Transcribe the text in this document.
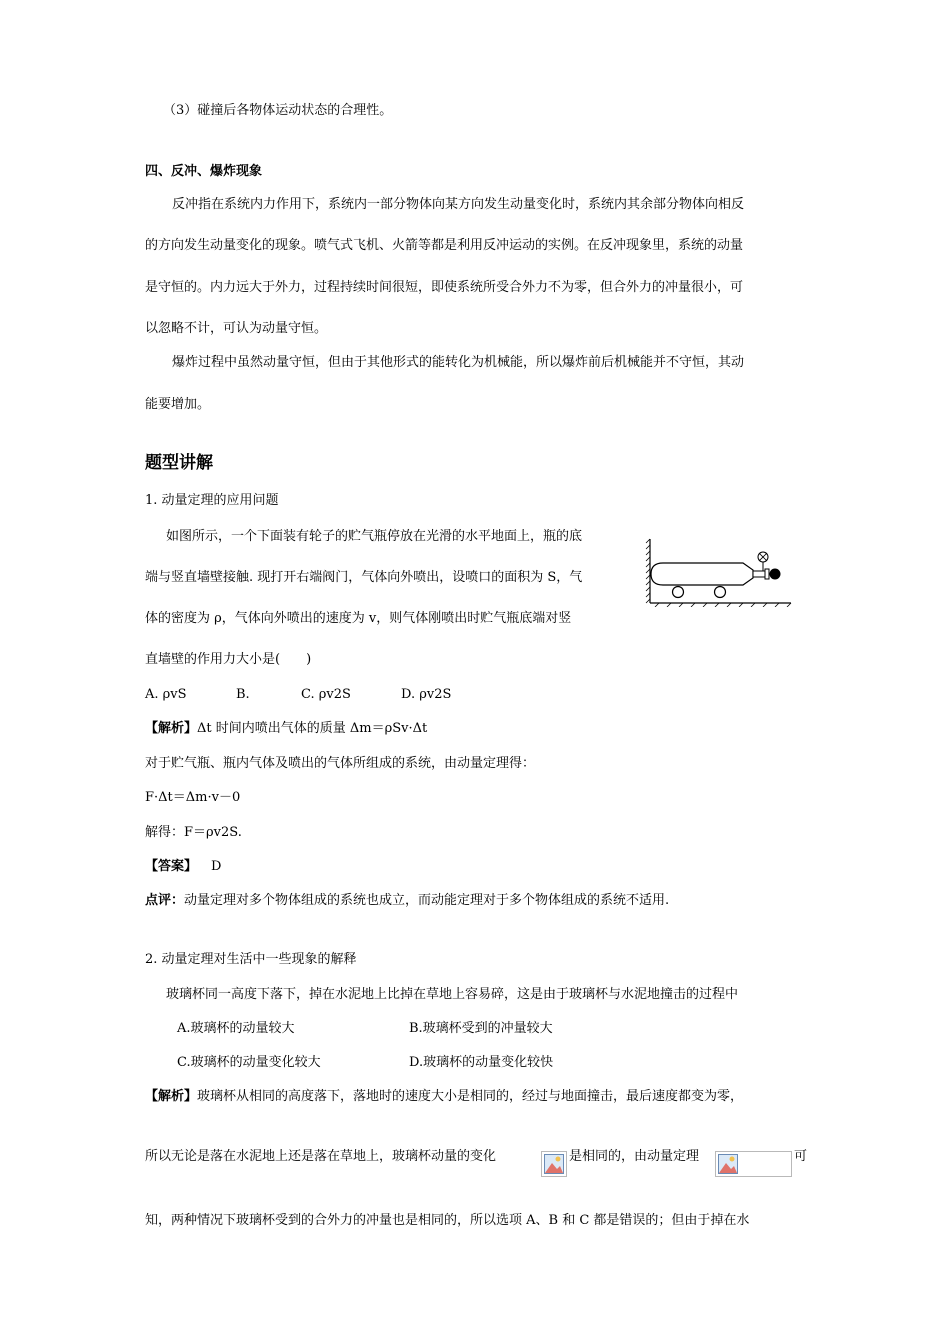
（3）碰撞后各物体运动状态的合理性。
四、反冲、爆炸现象
反冲指在系统内力作用下，系统内一部分物体向某方向发生动量变化时，系统内其余部分物体向相反
的方向发生动量变化的现象。喷气式飞机、火箭等都是利用反冲运动的实例。在反冲现象里，系统的动量
是守恒的。内力远大于外力，过程持续时间很短，即使系统所受合外力不为零，但合外力的冲量很小，可
以忽略不计，可认为动量守恒。
爆炸过程中虽然动量守恒，但由于其他形式的能转化为机械能，所以爆炸前后机械能并不守恒，其动
能要增加。
题型讲解
1. 动量定理的应用问题
如图所示，一个下面装有轮子的贮气瓶停放在光滑的水平地面上，瓶的底
端与竖直墙壁接触. 现打开右端阀门，气体向外喷出，设喷口的面积为 S，气
体的密度为 ρ，气体向外喷出的速度为 v，则气体刚喷出时贮气瓶底端对竖
直墙壁的作用力大小是(　　)
A. ρvS	B.	C. ρv2S	D. ρv2S
【解析】Δt 时间内喷出气体的质量 Δm＝ρSv·Δt
对于贮气瓶、瓶内气体及喷出的气体所组成的系统，由动量定理得：
F·Δt＝Δm·v－0
解得：F＝ρv2S.
【答案】 D
点评：动量定理对多个物体组成的系统也成立，而动能定理对于多个物体组成的系统不适用.
2. 动量定理对生活中一些现象的解释
玻璃杯同一高度下落下，掉在水泥地上比掉在草地上容易碎，这是由于玻璃杯与水泥地撞击的过程中
A.玻璃杯的动量较大	B.玻璃杯受到的冲量较大
C.玻璃杯的动量变化较大	D.玻璃杯的动量变化较快
【解析】玻璃杯从相同的高度落下，落地时的速度大小是相同的，经过与地面撞击，最后速度都变为零，
所以无论是落在水泥地上还是落在草地上，玻璃杯动量的变化	是相同的，由动量定理	可
知，两种情况下玻璃杯受到的合外力的冲量也是相同的，所以选项 A、B 和 C 都是错误的；但由于掉在水
